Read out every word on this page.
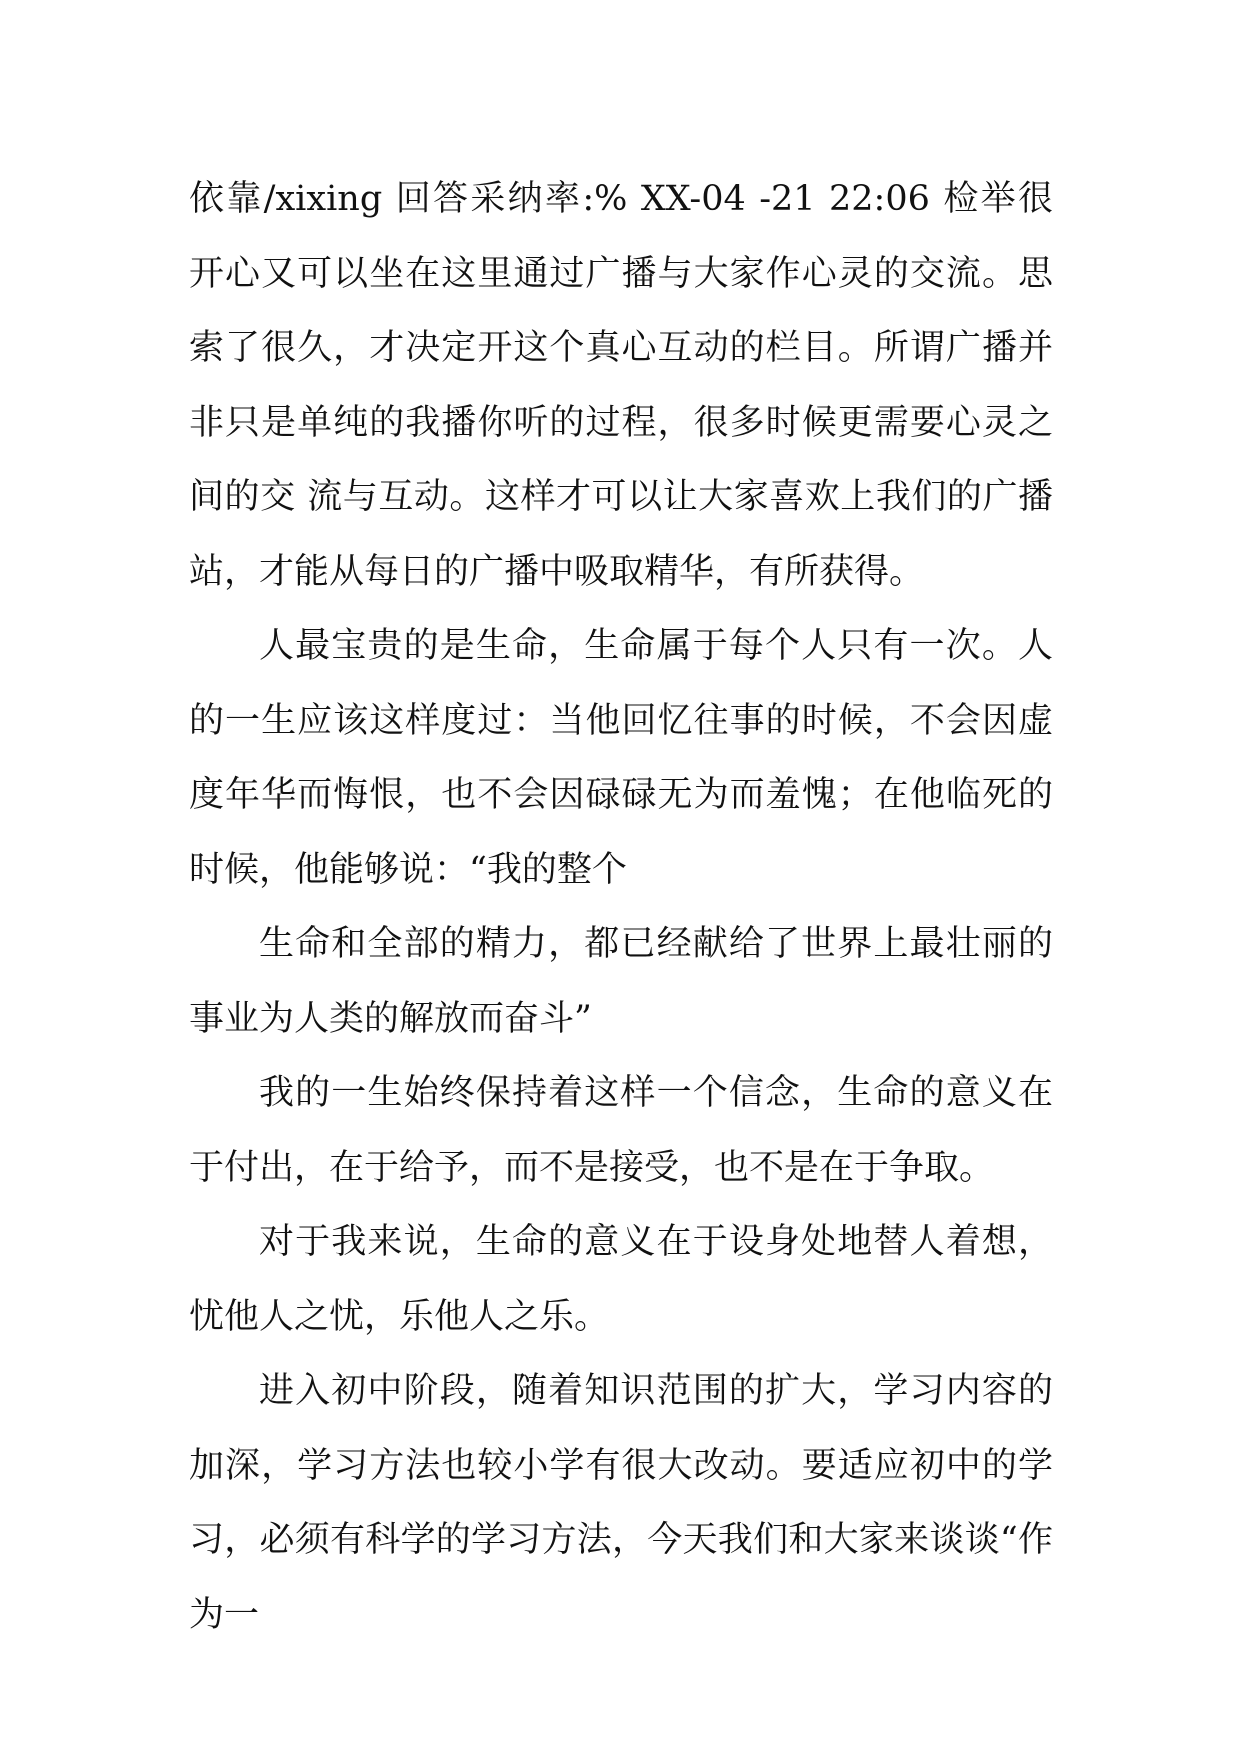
依靠/xixing 回答采纳率:% XX-04 -21 22:06 检举很开心又可以坐在这里通过广播与大家作心灵的交流。思索了很久，才决定开这个真心互动的栏目。所谓广播并非只是单纯的我播你听的过程，很多时候更需要心灵之间的交 流与互动。这样才可以让大家喜欢上我们的广播站，才能从每日的广播中吸取精华，有所获得。

人最宝贵的是生命，生命属于每个人只有一次。人的一生应该这样度过：当他回忆往事的时候，不会因虚度年华而悔恨，也不会因碌碌无为而羞愧；在他临死的时候，他能够说：“我的整个

生命和全部的精力，都已经献给了世界上最壮丽的事业为人类的解放而奋斗”

我的一生始终保持着这样一个信念，生命的意义在于付出，在于给予，而不是接受，也不是在于争取。

对于我来说，生命的意义在于设身处地替人着想，忧他人之忧，乐他人之乐。

进入初中阶段，随着知识范围的扩大，学习内容的加深，学习方法也较小学有很大改动。要适应初中的学习，必须有科学的学习方法，今天我们和大家来谈谈“作为一
